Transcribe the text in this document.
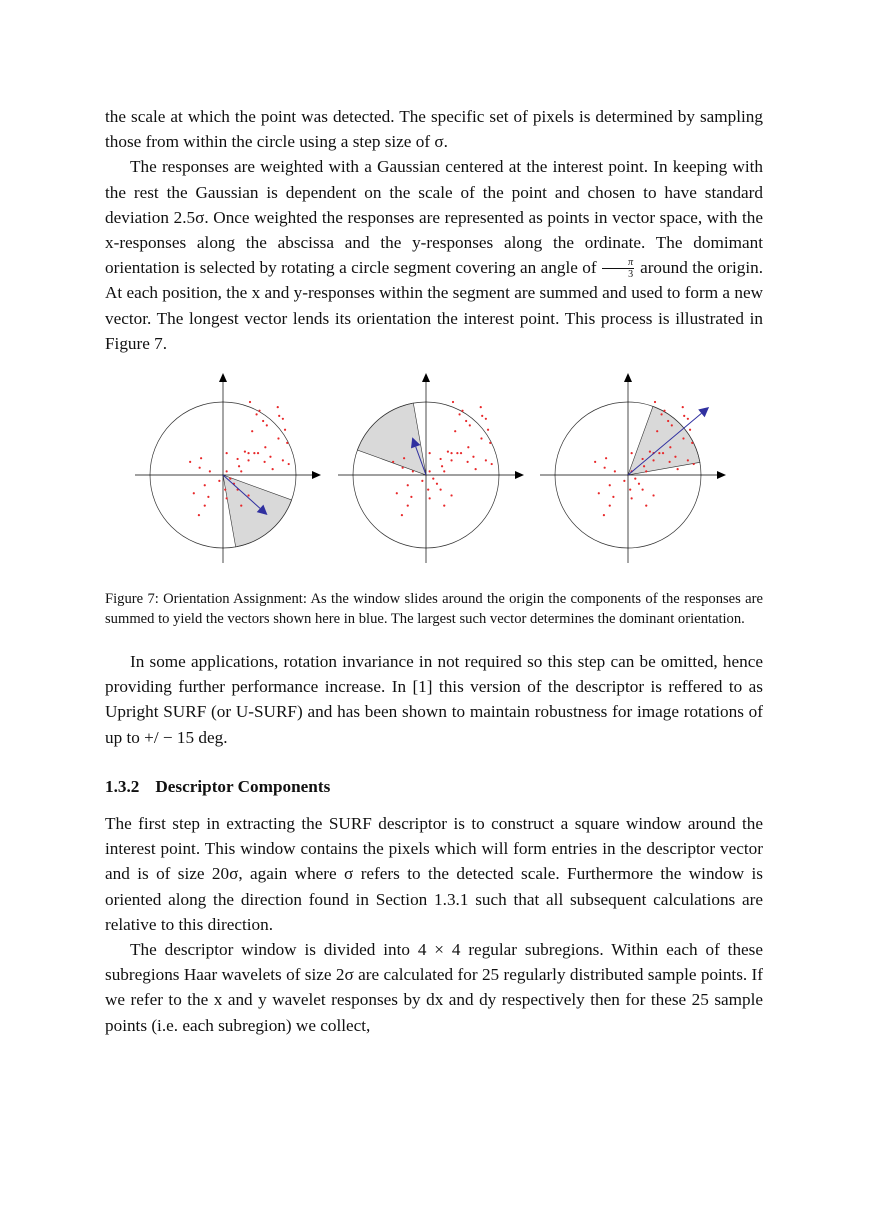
the scale at which the point was detected. The specific set of pixels is determined by sampling those from within the circle using a step size of σ.

The responses are weighted with a Gaussian centered at the interest point. In keeping with the rest the Gaussian is dependent on the scale of the point and chosen to have standard deviation 2.5σ. Once weighted the responses are represented as points in vector space, with the x-responses along the abscissa and the y-responses along the ordinate. The domimant orientation is selected by rotating a circle segment covering an angle of $\frac{\pi}{3}$ around the origin. At each position, the x and y-responses within the segment are summed and used to form a new vector. The longest vector lends its orientation the interest point. This process is illustrated in Figure 7.

Figure 7: Orientation Assignment: As the window slides around the origin the components of the responses are summed to yield the vectors shown here in blue. The largest such vector determines the dominant orientation.

In some applications, rotation invariance in not required so this step can be omitted, hence providing further performance increase. In [1] this version of the descriptor is reffered to as Upright SURF (or U-SURF) and has been shown to maintain robustness for image rotations of up to +/ − 15 deg.

1.3.2 Descriptor Components

The first step in extracting the SURF descriptor is to construct a square window around the interest point. This window contains the pixels which will form entries in the descriptor vector and is of size 20σ, again where σ refers to the detected scale. Furthermore the window is oriented along the direction found in Section 1.3.1 such that all subsequent calculations are relative to this direction.

The descriptor window is divided into 4 × 4 regular subregions. Within each of these subregions Haar wavelets of size 2σ are calculated for 25 regularly distributed sample points. If we refer to the x and y wavelet responses by dx and dy respectively then for these 25 sample points (i.e. each subregion) we collect,
